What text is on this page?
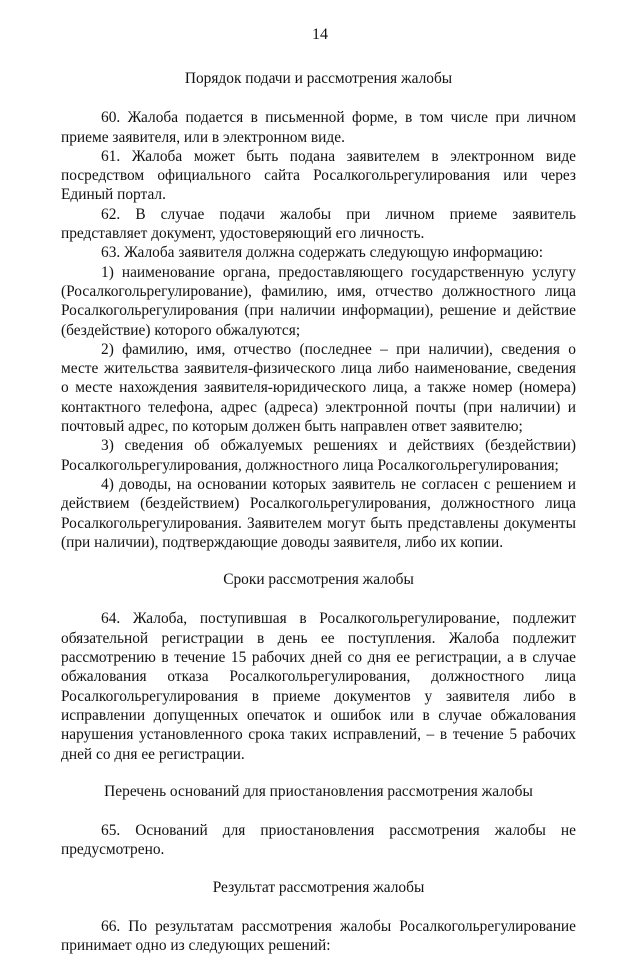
14
Порядок подачи и рассмотрения жалобы

60. Жалоба подается в письменной форме, в том числе при личном приеме заявителя, или в электронном виде.

61. Жалоба может быть подана заявителем в электронном виде посредством официального сайта Росалкогольрегулирования или через Единый портал.

62. В случае подачи жалобы при личном приеме заявитель представляет документ, удостоверяющий его личность.

63. Жалоба заявителя должна содержать следующую информацию:

1) наименование органа, предоставляющего государственную услугу (Росалкогольрегулирование), фамилию, имя, отчество должностного лица Росалкогольрегулирования (при наличии информации), решение и действие (бездействие) которого обжалуются;

2) фамилию, имя, отчество (последнее – при наличии), сведения о месте жительства заявителя-физического лица либо наименование, сведения о месте нахождения заявителя-юридического лица, а также номер (номера) контактного телефона, адрес (адреса) электронной почты (при наличии) и почтовый адрес, по которым должен быть направлен ответ заявителю;

3) сведения об обжалуемых решениях и действиях (бездействии) Росалкогольрегулирования, должностного лица Росалкогольрегулирования;

4) доводы, на основании которых заявитель не согласен с решением и действием (бездействием) Росалкогольрегулирования, должностного лица Росалкогольрегулирования. Заявителем могут быть представлены документы (при наличии), подтверждающие доводы заявителя, либо их копии.

Сроки рассмотрения жалобы

64. Жалоба, поступившая в Росалкогольрегулирование, подлежит обязательной регистрации в день ее поступления. Жалоба подлежит рассмотрению в течение 15 рабочих дней со дня ее регистрации, а в случае обжалования отказа Росалкогольрегулирования, должностного лица Росалкогольрегулирования в приеме документов у заявителя либо в исправлении допущенных опечаток и ошибок или в случае обжалования нарушения установленного срока таких исправлений, – в течение 5 рабочих дней со дня ее регистрации.

Перечень оснований для приостановления рассмотрения жалобы

65. Оснований для приостановления рассмотрения жалобы не предусмотрено.

Результат рассмотрения жалобы

66. По результатам рассмотрения жалобы Росалкогольрегулирование принимает одно из следующих решений:
